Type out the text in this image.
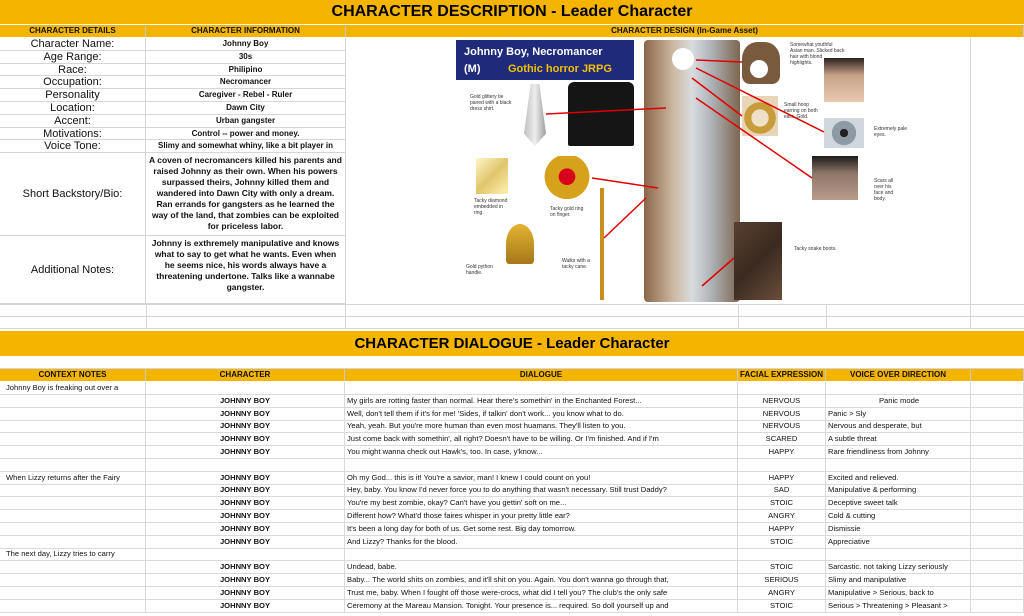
CHARACTER DESCRIPTION - Leader Character
CHARACTER DETAILS	CHARACTER INFORMATION	CHARACTER DESIGN (In-Game Asset)
Character Name:	Johnny Boy
Age Range:	30s
Race:	Philipino
Occupation:	Necromancer
Personality	Caregiver - Rebel - Ruler
Location:	Dawn City
Accent:	Urban gangster
Motivations:	Control -- power and money.
Voice Tone:	Slimy and somewhat whiny, like a bit player in
Short Backstory/Bio:
A coven of necromancers killed his parents and raised Johnny as their own. When his powers surpassed theirs, Johnny killed them and wandered into Dawn City with only a dream. Ran errands for gangsters as he learned the way of the land, that zombies can be exploited for priceless labor.
Additional Notes:
Johnny is exthremely manipulative and knows what to say to get what he wants. Even when he seems nice, his words always have a threatening undertone. Talks like a wannabe gangster.
Johnny Boy, Necromancer
(M)	Gothic horror JRPG
Gold glittery tie paired with a black dress shirt.
Tacky diamond embedded in ring.
Tacky gold ring on finger.
Gold python handle.
Walks with a tacky cane.
Somewhat youthful Asian man. Slicked back hair with blond highlights.
Small hoop earring on both ears. Gold.
Extremely pale eyes.
Scars all over his face and body.
Tacky snake boots.
CHARACTER DIALOGUE - Leader Character
CONTEXT NOTES	CHARACTER	DIALOGUE	FACIAL EXPRESSION	VOICE OVER DIRECTION
Johnny Boy is freaking out over a
JOHNNY BOY	My girls are rotting faster than normal. Hear there's somethin' in the Enchanted Forest...	NERVOUS	Panic mode
JOHNNY BOY	Well, don't tell them if it's for me! 'Sides, if talkin' don't work... you know what to do.	NERVOUS	Panic > Sly
JOHNNY BOY	Yeah, yeah. But you're more human than even most huamans. They'll listen to you.	NERVOUS	Nervous and desperate, but
JOHNNY BOY	Just come back with somethin', all right? Doesn't have to be willing. Or I'm finished. And if I'm	SCARED	A subtle threat
JOHNNY BOY	You might wanna check out Hawk's, too. In case, y'know...	HAPPY	Rare friendliness from Johnny
When Lizzy returns after the Fairy	JOHNNY BOY	Oh my God... this is it! You're a savior, man! I knew I could count on you!	HAPPY	Excited and relieved.
JOHNNY BOY	Hey, baby. You know I'd never force you to do anything that wasn't necessary. Still trust Daddy?	SAD	Manipulative & performing
JOHNNY BOY	You're my best zombie, okay? Can't have you gettin' soft on me...	STOIC	Deceptive sweet talk
JOHNNY BOY	Different how? What'd those faires whisper in your pretty little ear?	ANGRY	Cold & cutting
JOHNNY BOY	It's been a long day for both of us. Get some rest. Big day tomorrow.	HAPPY	Dismissie
JOHNNY BOY	And Lizzy? Thanks for the blood.	STOIC	Appreciative
The next day, Lizzy tries to carry
JOHNNY BOY	Undead, babe.	STOIC	Sarcastic. not taking Lizzy seriously
JOHNNY BOY	Baby... The world shits on zombies, and it'll shit on you. Again. You don't wanna go through that,	SERIOUS	Slimy and manipulative
JOHNNY BOY	Trust me, baby. When I fought off those were-crocs, what did I tell you? The club's the only safe	ANGRY	Manipulative > Serious, back to
JOHNNY BOY	Ceremony at the Mareau Mansion. Tonight. Your presence is... required. So doll yourself up and	STOIC	Serious > Threatening > Pleasant >
